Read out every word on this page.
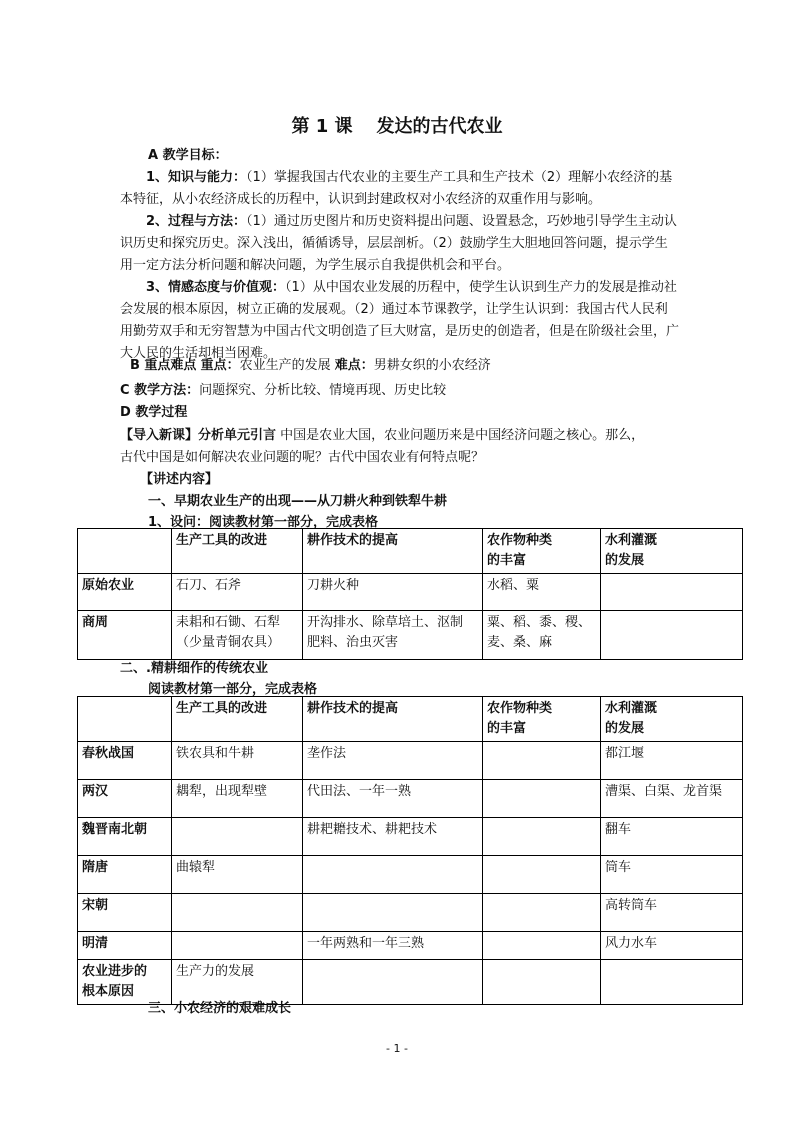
第 1 课 发达的古代农业
A 教学目标：
1、知识与能力：（1）掌握我国古代农业的主要生产工具和生产技术（2）理解小农经济的基本特征，从小农经济成长的历程中，认识到封建政权对小农经济的双重作用与影响。
2、过程与方法：（1）通过历史图片和历史资料提出问题、设置悬念，巧妙地引导学生主动认识历史和探究历史。深入浅出，循循诱导，层层剖析。（2）鼓励学生大胆地回答问题，提示学生用一定方法分析问题和解决问题，为学生展示自我提供机会和平台。
3、情感态度与价值观：（1）从中国农业发展的历程中，使学生认识到生产力的发展是推动社会发展的根本原因，树立正确的发展观。（2）通过本节课教学，让学生认识到：我国古代人民利用勤劳双手和无穷智慧为中国古代文明创造了巨大财富，是历史的创造者，但是在阶级社会里，广大人民的生活却相当困难。
B 重点难点 重点：农业生产的发展 难点：男耕女织的小农经济
C 教学方法：问题探究、分析比较、情境再现、历史比较
D 教学过程
【导入新课】分析单元引言 中国是农业大国，农业问题历来是中国经济问题之核心。那么，
古代中国是如何解决农业问题的呢？古代中国农业有何特点呢？
【讲述内容】
一、早期农业生产的出现——从刀耕火种到铁犁牛耕
1、设问：阅读教材第一部分，完成表格
	生产工具的改进	耕作技术的提高	农作物种类
的丰富	水利灌溉
的发展
原始农业	石刀、石斧	刀耕火种	水稻、粟	
商周	耒耜和石锄、石犁
（少量青铜农具）	开沟排水、除草培土、沤制
肥料、治虫灭害	粟、稻、黍、稷、
麦、桑、麻	
二、.精耕细作的传统农业
阅读教材第一部分，完成表格
	生产工具的改进	耕作技术的提高	农作物种类
的丰富	水利灌溉
的发展
春秋战国	铁农具和牛耕	垄作法		都江堰
两汉	耦犁，出现犁壁	代田法、一年一熟		漕渠、白渠、龙首渠
魏晋南北朝		耕耙耱技术、耕耙技术		翻车
隋唐	曲辕犁			筒车
宋朝				高转筒车
明清		一年两熟和一年三熟		风力水车
农业进步的
根本原因	生产力的发展			
三、小农经济的艰难成长
- 1 -
